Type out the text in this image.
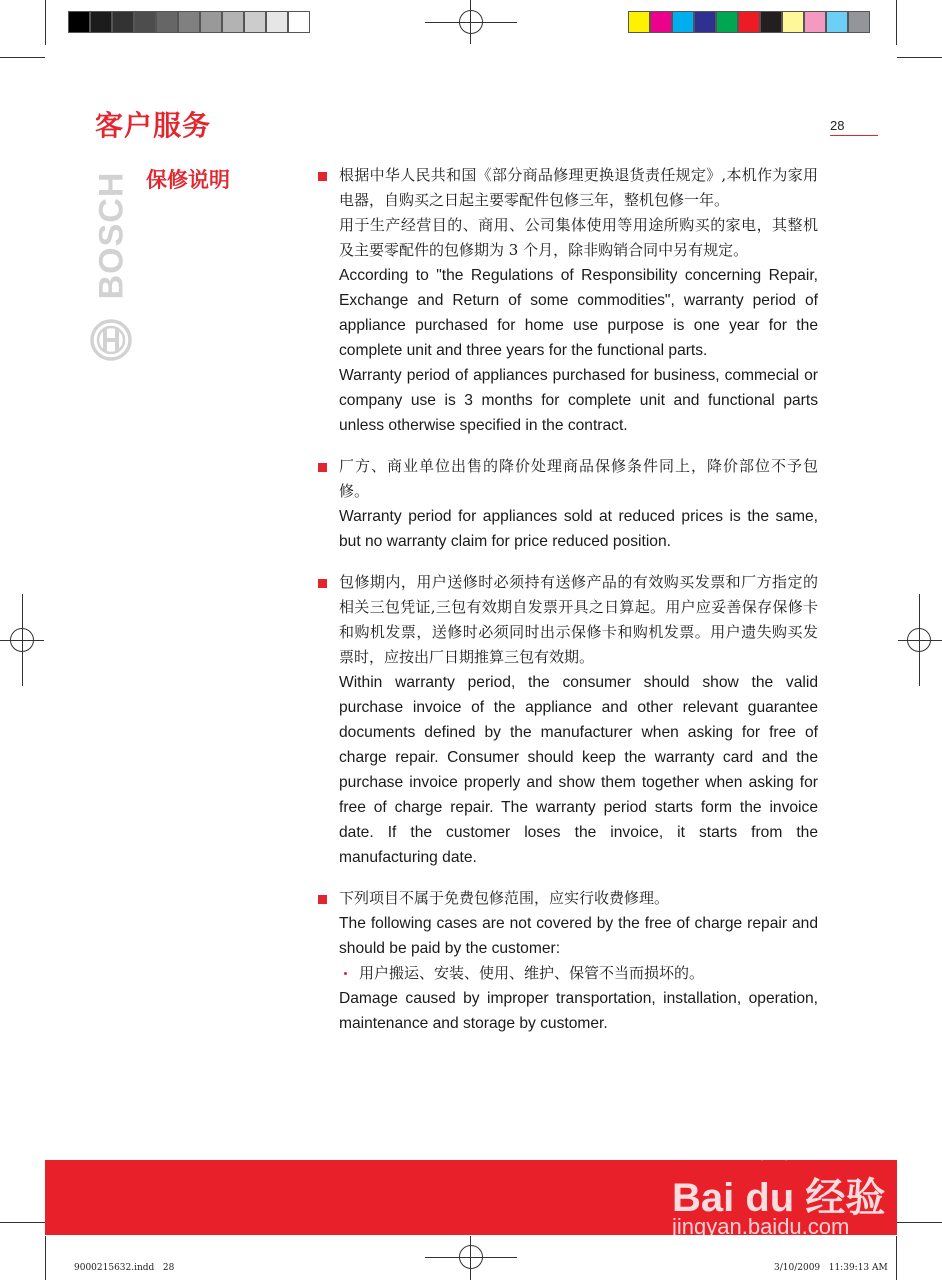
客户服务	28
BOSCH 保修说明	根据中华人民共和国《部分商品修理更换退货责任规定》,本机作为家用电器，自购买之日起主要零配件包修三年，整机包修一年。

用于生产经营目的、商用、公司集体使用等用途所购买的家电，其整机及主要零配件的包修期为 3 个月，除非购销合同中另有规定。

According to "the Regulations of Responsibility concerning Repair, Exchange and Return of some commodities", warranty period of appliance purchased for home use purpose is one year for the complete unit and three years for the functional parts.

Warranty period of appliances purchased for business, commecial or company use is 3 months for complete unit and functional parts unless otherwise specified in the contract.

厂方、商业单位出售的降价处理商品保修条件同上，降价部位不予包修。

Warranty period for appliances sold at reduced prices is the same, but no warranty claim for price reduced position.

包修期内，用户送修时必须持有送修产品的有效购买发票和厂方指定的相关三包凭证,三包有效期自发票开具之日算起。用户应妥善保存保修卡和购机发票，送修时必须同时出示保修卡和购机发票。用户遗失购买发票时，应按出厂日期推算三包有效期。

Within warranty period, the consumer should show the valid purchase invoice of the appliance and other relevant guarantee documents defined by the manufacturer when asking for free of charge repair. Consumer should keep the warranty card and the purchase invoice properly and show them together when asking for free of charge repair. The warranty period starts form the invoice date. If the customer loses the invoice, it starts from the manufacturing date.

下列项目不属于免费包修范围，应实行收费修理。

The following cases are not covered by the free of charge repair and should be paid by the customer:

用户搬运、安装、使用、维护、保管不当而损坏的。

Damage caused by improper transportation, installation, operation, maintenance and storage by customer.

Bai du 经验
jingyan.baidu.com
9000215632.indd   28	3/10/2009   11:39:13 AM
